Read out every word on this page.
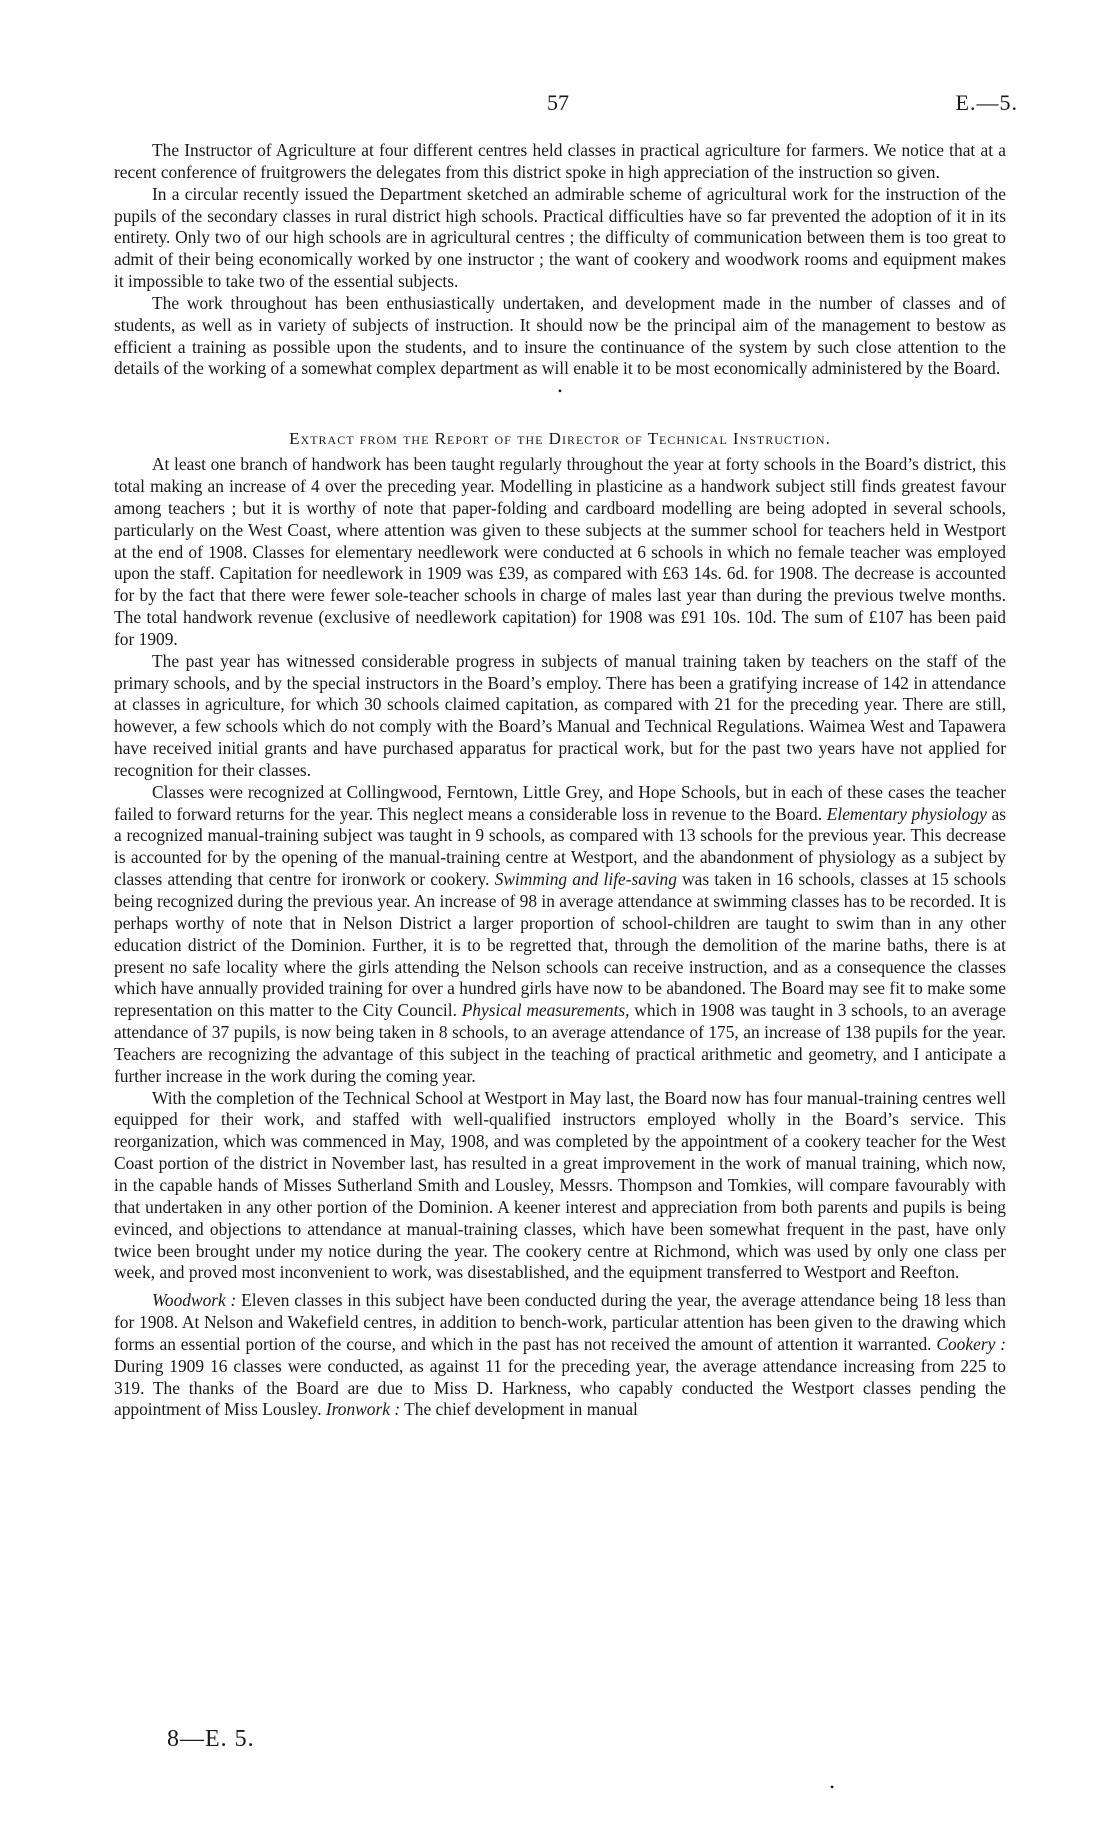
57	E.—5.

The Instructor of Agriculture at four different centres held classes in practical agriculture for farmers. We notice that at a recent conference of fruitgrowers the delegates from this district spoke in high appreciation of the instruction so given.

In a circular recently issued the Department sketched an admirable scheme of agricultural work for the instruction of the pupils of the secondary classes in rural district high schools. Practical difficulties have so far prevented the adoption of it in its entirety. Only two of our high schools are in agricultural centres ; the difficulty of communication between them is too great to admit of their being economically worked by one instructor ; the want of cookery and woodwork rooms and equipment makes it impossible to take two of the essential subjects.

The work throughout has been enthusiastically undertaken, and development made in the number of classes and of students, as well as in variety of subjects of instruction. It should now be the principal aim of the management to bestow as efficient a training as possible upon the students, and to insure the continuance of the system by such close attention to the details of the working of a somewhat complex department as will enable it to be most economically administered by the Board.

•
Extract from the Report of the Director of Technical Instruction.

At least one branch of handwork has been taught regularly throughout the year at forty schools in the Board’s district, this total making an increase of 4 over the preceding year. Modelling in plasticine as a handwork subject still finds greatest favour among teachers ; but it is worthy of note that paper-folding and cardboard modelling are being adopted in several schools, particularly on the West Coast, where attention was given to these subjects at the summer school for teachers held in Westport at the end of 1908. Classes for elementary needlework were conducted at 6 schools in which no female teacher was employed upon the staff. Capitation for needlework in 1909 was £39, as compared with £63 14s. 6d. for 1908. The decrease is accounted for by the fact that there were fewer sole-teacher schools in charge of males last year than during the previous twelve months. The total handwork revenue (exclusive of needlework capitation) for 1908 was £91 10s. 10d. The sum of £107 has been paid for 1909.

The past year has witnessed considerable progress in subjects of manual training taken by teachers on the staff of the primary schools, and by the special instructors in the Board’s employ. There has been a gratifying increase of 142 in attendance at classes in agriculture, for which 30 schools claimed capitation, as compared with 21 for the preceding year. There are still, however, a few schools which do not comply with the Board’s Manual and Technical Regulations. Waimea West and Tapawera have received initial grants and have purchased apparatus for practical work, but for the past two years have not applied for recognition for their classes.

Classes were recognized at Collingwood, Ferntown, Little Grey, and Hope Schools, but in each of these cases the teacher failed to forward returns for the year. This neglect means a considerable loss in revenue to the Board. Elementary physiology as a recognized manual-training subject was taught in 9 schools, as compared with 13 schools for the previous year. This decrease is accounted for by the opening of the manual-training centre at Westport, and the abandonment of physiology as a subject by classes attending that centre for ironwork or cookery. Swimming and life-saving was taken in 16 schools, classes at 15 schools being recognized during the previous year. An increase of 98 in average attendance at swimming classes has to be recorded. It is perhaps worthy of note that in Nelson District a larger proportion of school-children are taught to swim than in any other education district of the Dominion. Further, it is to be regretted that, through the demolition of the marine baths, there is at present no safe locality where the girls attending the Nelson schools can receive instruction, and as a consequence the classes which have annually provided training for over a hundred girls have now to be abandoned. The Board may see fit to make some representation on this matter to the City Council. Physical measurements, which in 1908 was taught in 3 schools, to an average attendance of 37 pupils, is now being taken in 8 schools, to an average attendance of 175, an increase of 138 pupils for the year. Teachers are recognizing the advantage of this subject in the teaching of practical arithmetic and geometry, and I anticipate a further increase in the work during the coming year.

With the completion of the Technical School at Westport in May last, the Board now has four manual-training centres well equipped for their work, and staffed with well-qualified instructors employed wholly in the Board’s service. This reorganization, which was commenced in May, 1908, and was completed by the appointment of a cookery teacher for the West Coast portion of the district in November last, has resulted in a great improvement in the work of manual training, which now, in the capable hands of Misses Sutherland Smith and Lousley, Messrs. Thompson and Tomkies, will compare favourably with that undertaken in any other portion of the Dominion. A keener interest and appreciation from both parents and pupils is being evinced, and objections to attendance at manual-training classes, which have been somewhat frequent in the past, have only twice been brought under my notice during the year. The cookery centre at Richmond, which was used by only one class per week, and proved most inconvenient to work, was disestablished, and the equipment transferred to Westport and Reefton.

Woodwork : Eleven classes in this subject have been conducted during the year, the average attendance being 18 less than for 1908. At Nelson and Wakefield centres, in addition to bench-work, particular attention has been given to the drawing which forms an essential portion of the course, and which in the past has not received the amount of attention it warranted. Cookery : During 1909 16 classes were conducted, as against 11 for the preceding year, the average attendance increasing from 225 to 319. The thanks of the Board are due to Miss D. Harkness, who capably conducted the Westport classes pending the appointment of Miss Lousley. Ironwork : The chief development in manual

8—E. 5.
•
